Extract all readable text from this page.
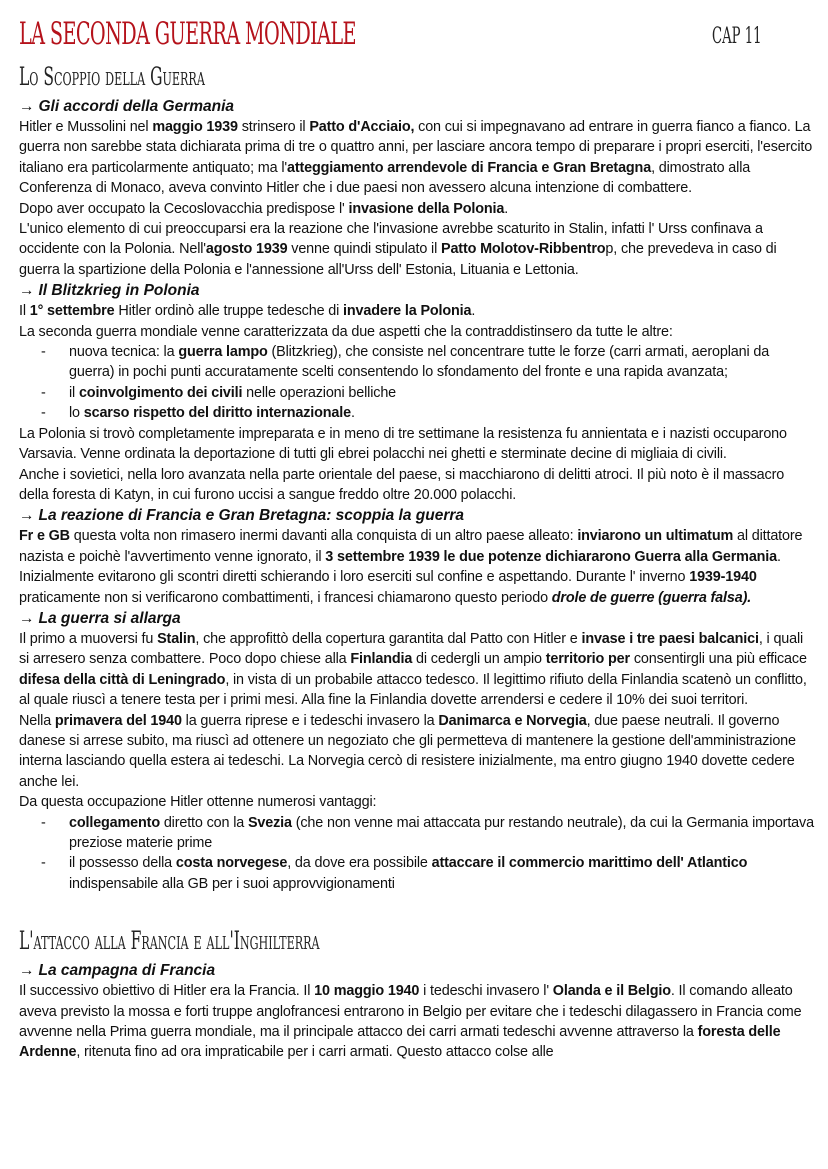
LA SECONDA GUERRA MONDIALE	CAP 11
Lo Scoppio della Guerra
→ Gli accordi della Germania

Hitler e Mussolini nel maggio 1939 strinsero il Patto d'Acciaio, con cui si impegnavano ad entrare in guerra fianco a fianco. La guerra non sarebbe stata dichiarata prima di tre o quattro anni, per lasciare ancora tempo di preparare i propri eserciti, l'esercito italiano era particolarmente antiquato; ma l'atteggiamento arrendevole di Francia e Gran Bretagna, dimostrato alla Conferenza di Monaco, aveva convinto Hitler che i due paesi non avessero alcuna intenzione di combattere.

Dopo aver occupato la Cecoslovacchia predispose l' invasione della Polonia.

L'unico elemento di cui preoccuparsi era la reazione che l'invasione avrebbe scaturito in Stalin, infatti l' Urss confinava a occidente con la Polonia. Nell'agosto 1939 venne quindi stipulato il Patto Molotov-Ribbentrop, che prevedeva in caso di guerra la spartizione della Polonia e l'annessione all'Urss dell' Estonia, Lituania e Lettonia.

→ Il Blitzkrieg in Polonia

Il 1° settembre Hitler ordinò alle truppe tedesche di invadere la Polonia.

La seconda guerra mondiale venne caratterizzata da due aspetti che la contraddistinsero da tutte le altre:

- nuova tecnica: la guerra lampo (Blitzkrieg), che consiste nel concentrare tutte le forze (carri armati, aeroplani da guerra) in pochi punti accuratamente scelti consentendo lo sfondamento del fronte e una rapida avanzata;
- il coinvolgimento dei civili nelle operazioni belliche
- lo scarso rispetto del diritto internazionale.

La Polonia si trovò completamente impreparata e in meno di tre settimane la resistenza fu annientata e i nazisti occuparono Varsavia. Venne ordinata la deportazione di tutti gli ebrei polacchi nei ghetti e sterminate decine di migliaia di civili.

Anche i sovietici, nella loro avanzata nella parte orientale del paese, si macchiarono di delitti atroci. Il più noto è il massacro della foresta di Katyn, in cui furono uccisi a sangue freddo oltre 20.000 polacchi.

→ La reazione di Francia e Gran Bretagna: scoppia la guerra

Fr e GB questa volta non rimasero inermi davanti alla conquista di un altro paese alleato: inviarono un ultimatum al dittatore nazista e poichè l'avvertimento venne ignorato, il 3 settembre 1939 le due potenze dichiararono Guerra alla Germania. Inizialmente evitarono gli scontri diretti schierando i loro eserciti sul confine e aspettando. Durante l' inverno 1939-1940 praticamente non si verificarono combattimenti, i francesi chiamarono questo periodo drole de guerre (guerra falsa).

→ La guerra si allarga

Il primo a muoversi fu Stalin, che approfittò della copertura garantita dal Patto con Hitler e invase i tre paesi balcanici, i quali si arresero senza combattere. Poco dopo chiese alla Finlandia di cedergli un ampio territorio per consentirgli una più efficace difesa della città di Leningrado, in vista di un probabile attacco tedesco. Il legittimo rifiuto della Finlandia scatenò un conflitto, al quale riuscì a tenere testa per i primi mesi. Alla fine la Finlandia dovette arrendersi e cedere il 10% dei suoi territori.

Nella primavera del 1940 la guerra riprese e i tedeschi invasero la Danimarca e Norvegia, due paese neutrali. Il governo danese si arrese subito, ma riuscì ad ottenere un negoziato che gli permetteva di mantenere la gestione dell'amministrazione interna lasciando quella estera ai tedeschi. La Norvegia cercò di resistere inizialmente, ma entro giugno 1940 dovette cedere anche lei.

Da questa occupazione Hitler ottenne numerosi vantaggi:

- collegamento diretto con la Svezia (che non venne mai attaccata pur restando neutrale), da cui la Germania importava preziose materie prime
- il possesso della costa norvegese, da dove era possibile attaccare il commercio marittimo dell' Atlantico indispensabile alla GB per i suoi approvvigionamenti
L'attacco alla Francia e all'Inghilterra
→ La campagna di Francia

Il successivo obiettivo di Hitler era la Francia. Il 10 maggio 1940 i tedeschi invasero l' Olanda e il Belgio. Il comando alleato aveva previsto la mossa e forti truppe anglofrancesi entrarono in Belgio per evitare che i tedeschi dilagassero in Francia come avvenne nella Prima guerra mondiale, ma il principale attacco dei carri armati tedeschi avvenne attraverso la foresta delle Ardenne, ritenuta fino ad ora impraticabile per i carri armati. Questo attacco colse alle
